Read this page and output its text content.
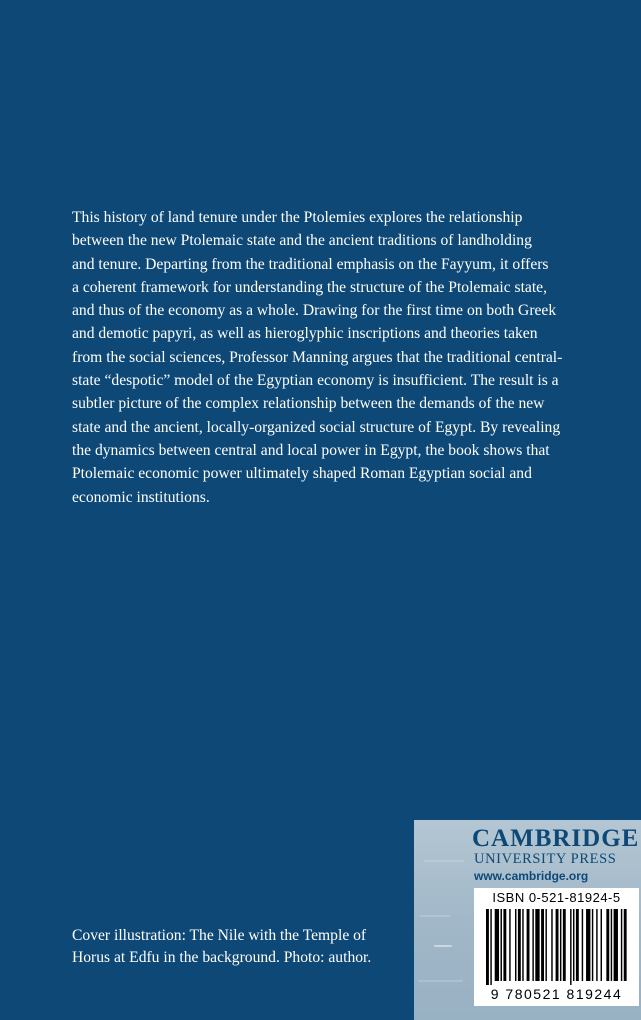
This history of land tenure under the Ptolemies explores the relationship
between the new Ptolemaic state and the ancient traditions of landholding
and tenure. Departing from the traditional emphasis on the Fayyum, it offers
a coherent framework for understanding the structure of the Ptolemaic state,
and thus of the economy as a whole. Drawing for the first time on both Greek
and demotic papyri, as well as hieroglyphic inscriptions and theories taken
from the social sciences, Professor Manning argues that the traditional central-
state “despotic” model of the Egyptian economy is insufficient. The result is a
subtler picture of the complex relationship between the demands of the new
state and the ancient, locally-organized social structure of Egypt. By revealing
the dynamics between central and local power in Egypt, the book shows that
Ptolemaic economic power ultimately shaped Roman Egyptian social and
economic institutions.

Cover illustration: The Nile with the Temple of
Horus at Edfu in the background. Photo: author.

CAMBRIDGE

UNIVERSITY PRESS

www.cambridge.org

ISBN 0-521-81924-5

9 780521 819244
